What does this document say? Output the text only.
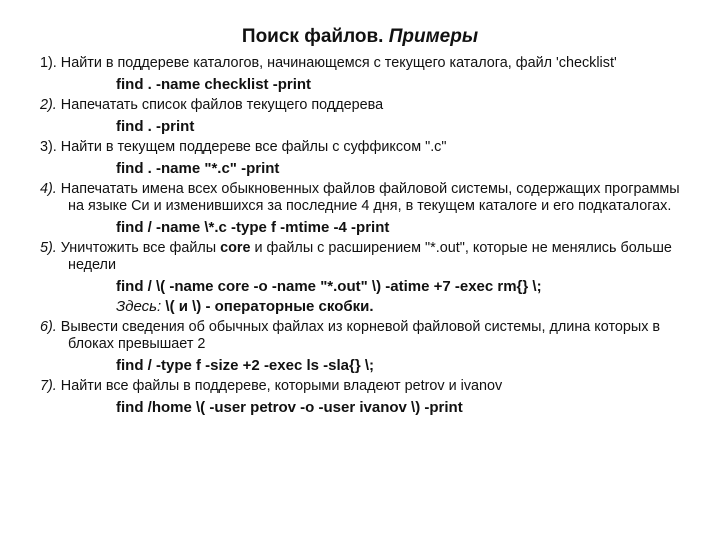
Поиск файлов. Примеры
1). Найти в поддереве каталогов, начинающемся с текущего каталога, файл 'checklist'
find . -name checklist -print
2). Напечатать список файлов текущего поддерева
find . -print
3). Найти в текущем поддереве все файлы с суффиксом ".c"
find . -name "*.c" -print
4). Напечатать имена всех обыкновенных файлов файловой системы, содержащих программы на языке Си и изменившихся за последние 4 дня, в текущем каталоге и его подкаталогах.
find / -name \*.c -type f -mtime -4 -print
5). Уничтожить все файлы core и файлы с расширением "*.out", которые не менялись больше недели
find / \( -name core -o -name "*.out" \) -atime +7 -exec rm{} \;
Здесь: \( и \) - операторные скобки.
6). Вывести сведения об обычных файлах из корневой файловой системы, длина которых в блоках превышает 2
find / -type f -size +2 -exec ls -sla{} \;
7). Найти все файлы в поддереве, которыми владеют petrov и ivanov
find /home \( -user petrov -o -user ivanov \) -print
